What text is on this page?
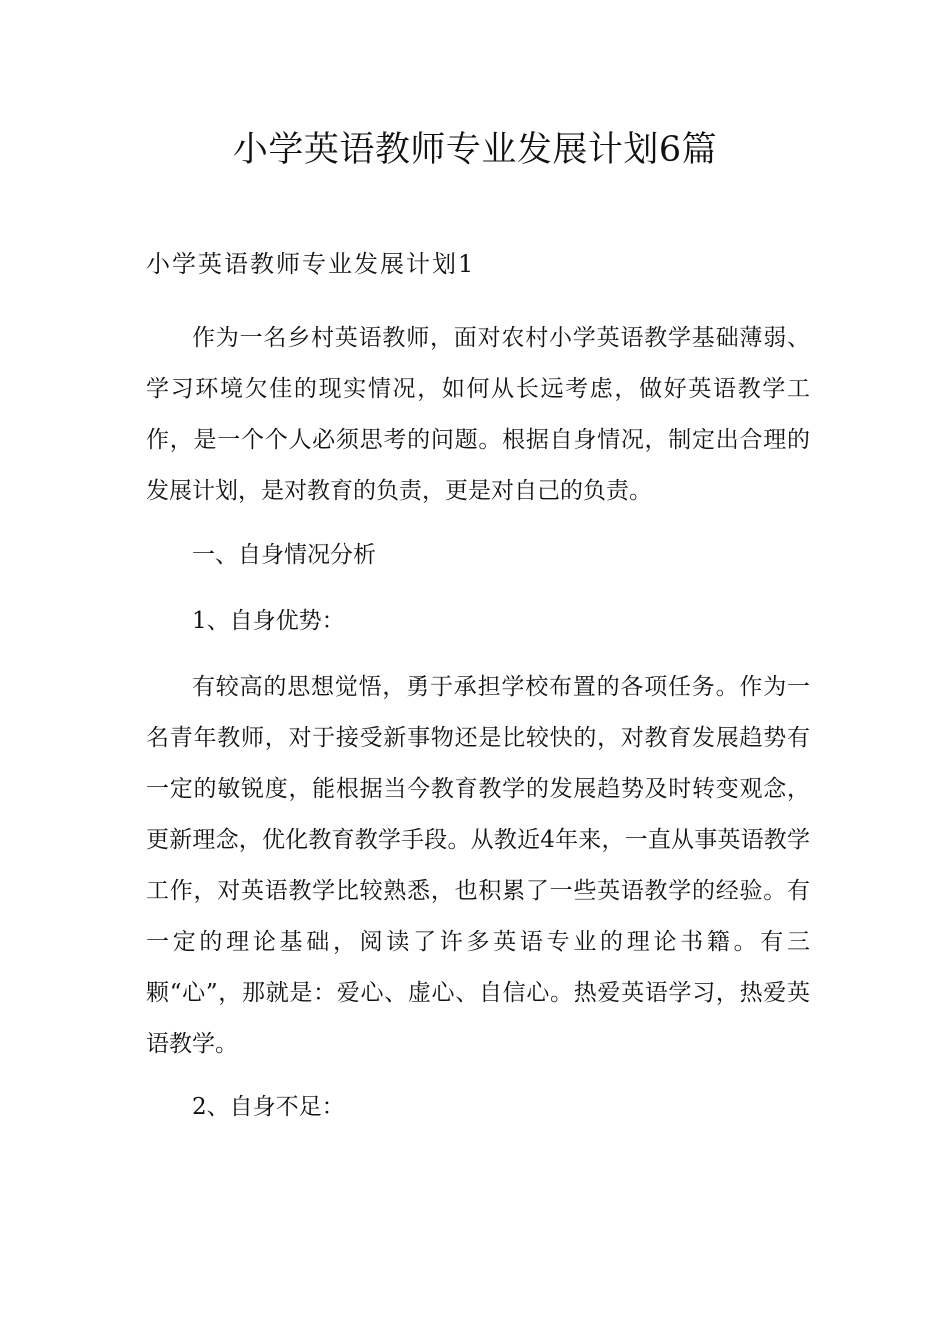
小学英语教师专业发展计划6篇
小学英语教师专业发展计划1

作为一名乡村英语教师，面对农村小学英语教学基础薄弱、学习环境欠佳的现实情况，如何从长远考虑，做好英语教学工作，是一个个人必须思考的问题。根据自身情况，制定出合理的发展计划，是对教育的负责，更是对自己的负责。

一、自身情况分析

1、自身优势：

有较高的思想觉悟，勇于承担学校布置的各项任务。作为一名青年教师，对于接受新事物还是比较快的，对教育发展趋势有一定的敏锐度，能根据当今教育教学的发展趋势及时转变观念，更新理念，优化教育教学手段。从教近4年来，一直从事英语教学工作，对英语教学比较熟悉，也积累了一些英语教学的经验。有一定的理论基础，阅读了许多英语专业的理论书籍。有三颗“心”，那就是：爱心、虚心、自信心。热爱英语学习，热爱英语教学。

2、自身不足：
